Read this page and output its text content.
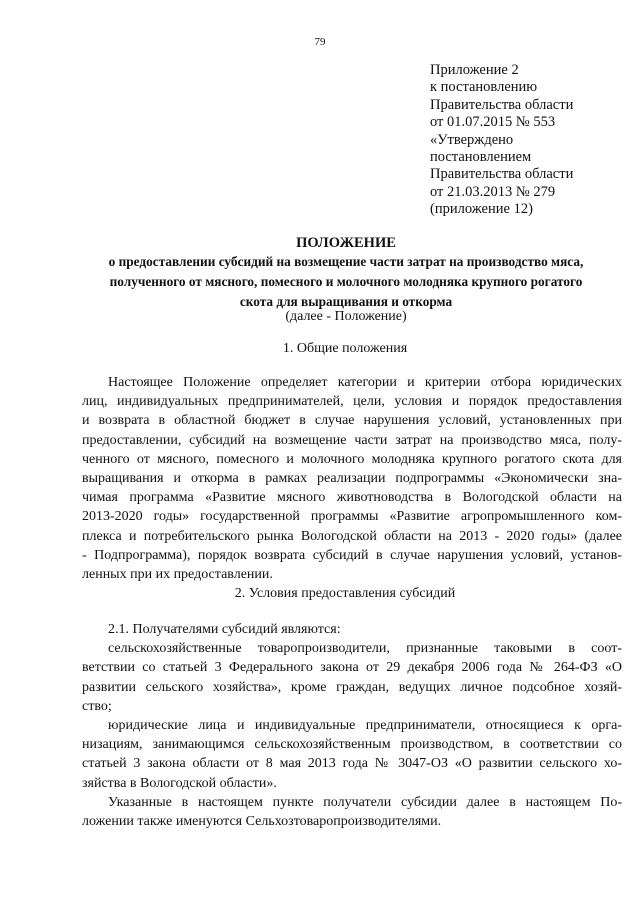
79
Приложение 2
к постановлению
Правительства области
от 01.07.2015 № 553
«Утверждено
постановлением
Правительства области
от 21.03.2013 № 279
(приложение 12)
ПОЛОЖЕНИЕ
о предоставлении субсидий на возмещение части затрат на производство мяса,
полученного от мясного, помесного и молочного молодняка крупного рогатого
скота для выращивания и откорма
(далее - Положение)
1. Общие положения
Настоящее Положение определяет категории и критерии отбора юридических
лиц, индивидуальных предпринимателей, цели, условия и порядок предоставления
и возврата в областной бюджет в случае нарушения условий, установленных при
предоставлении, субсидий на возмещение части затрат на производство мяса, полу-
ченного от мясного, помесного и молочного молодняка крупного рогатого скота для
выращивания и откорма в рамках реализации подпрограммы «Экономически зна-
чимая программа «Развитие мясного животноводства в Вологодской области на
2013-2020 годы» государственной программы «Развитие агропромышленного ком-
плекса и потребительского рынка Вологодской области на 2013 - 2020 годы» (далее
- Подпрограмма), порядок возврата субсидий в случае нарушения условий, установ-
ленных при их предоставлении.
2. Условия предоставления субсидий
2.1. Получателями субсидий являются:
сельскохозяйственные товаропроизводители, признанные таковыми в соот-
ветствии со статьей 3 Федерального закона от 29 декабря 2006 года № 264-ФЗ «О
развитии сельского хозяйства», кроме граждан, ведущих личное подсобное хозяй-
ство;
юридические лица и индивидуальные предприниматели, относящиеся к орга-
низациям, занимающимся сельскохозяйственным производством, в соответствии со
статьей 3 закона области от 8 мая 2013 года № 3047-ОЗ «О развитии сельского хо-
зяйства в Вологодской области».
Указанные в настоящем пункте получатели субсидии далее в настоящем По-
ложении также именуются Сельхозтоваропроизводителями.
